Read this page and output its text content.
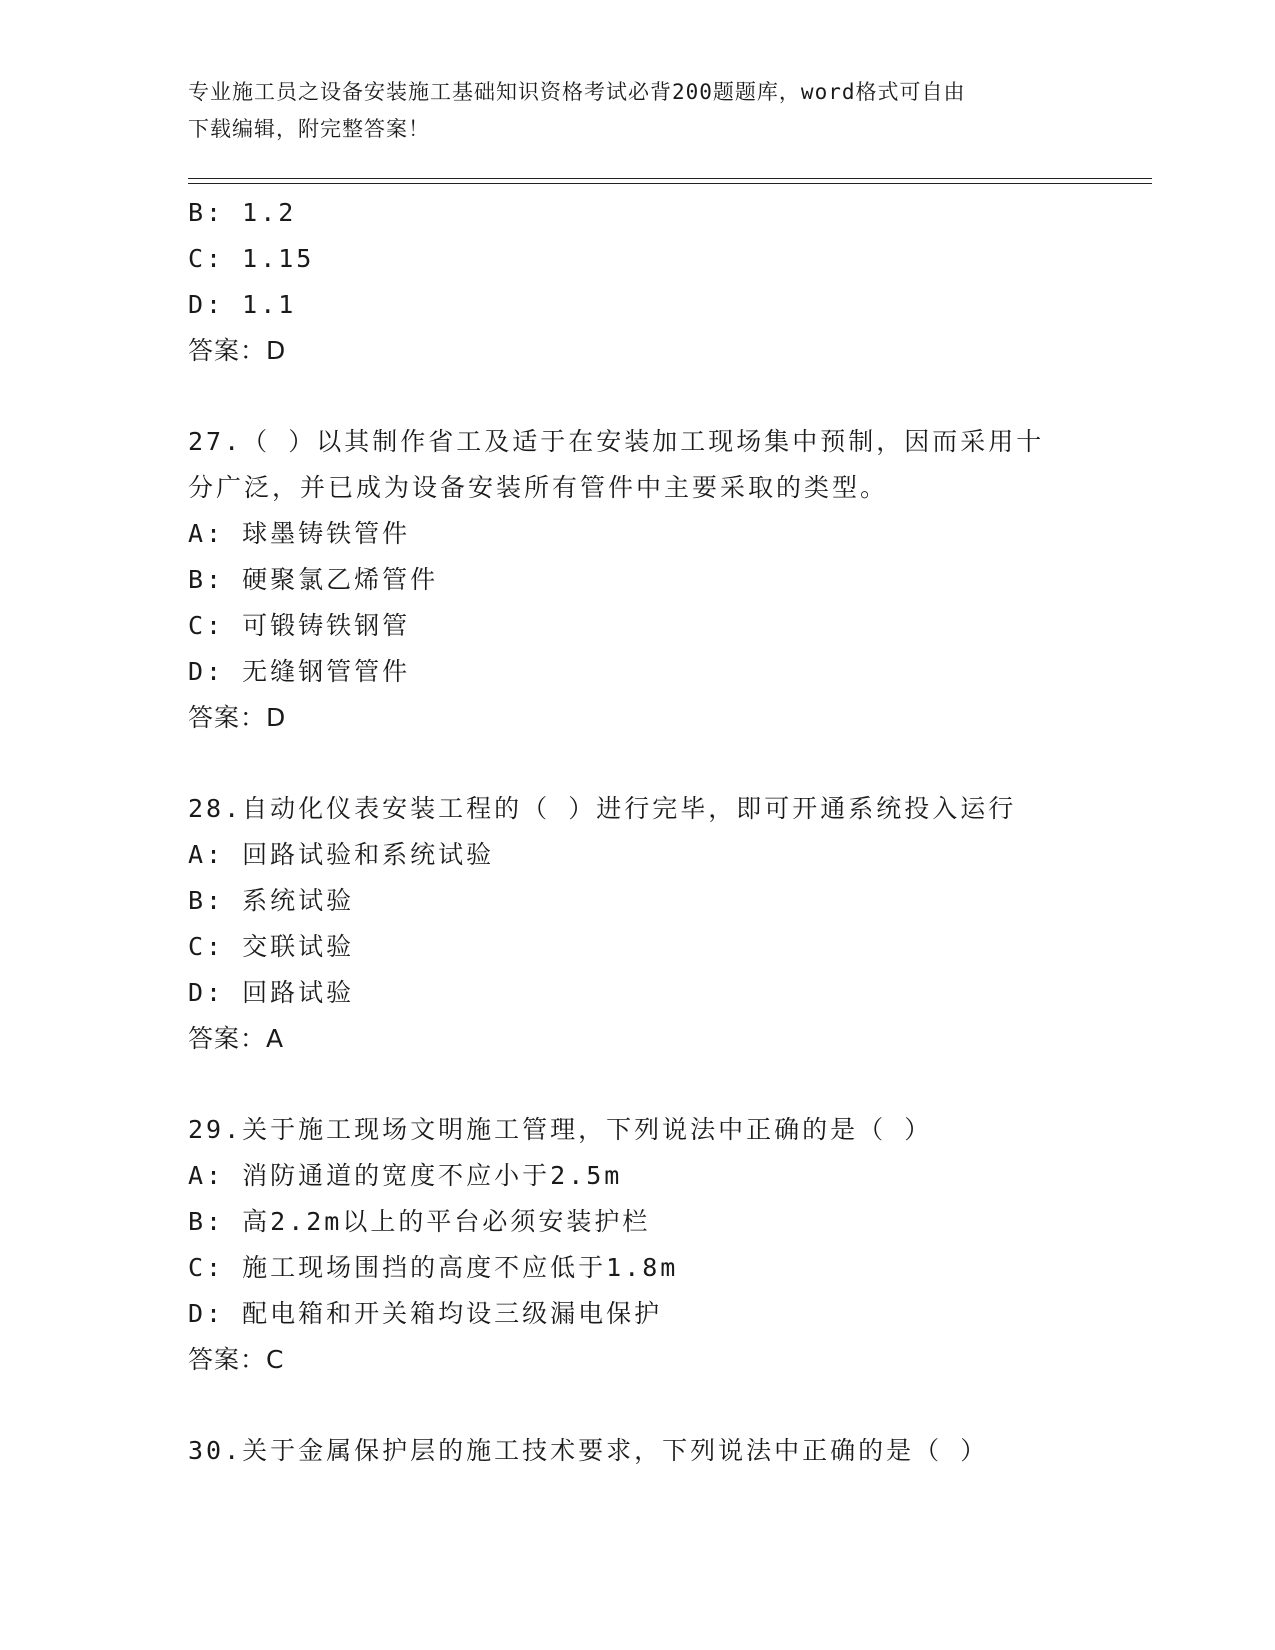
专业施工员之设备安装施工基础知识资格考试必背200题题库，word格式可自由
下载编辑，附完整答案！
B: 1.2
C: 1.15
D: 1.1
答案：D
27.（ ）以其制作省工及适于在安装加工现场集中预制，因而采用十
分广泛，并已成为设备安装所有管件中主要采取的类型。
A: 球墨铸铁管件
B: 硬聚氯乙烯管件
C: 可锻铸铁钢管
D: 无缝钢管管件
答案：D
28.自动化仪表安装工程的（ ）进行完毕，即可开通系统投入运行
A: 回路试验和系统试验
B: 系统试验
C: 交联试验
D: 回路试验
答案：A
29.关于施工现场文明施工管理，下列说法中正确的是（ ）
A: 消防通道的宽度不应小于2.5m
B: 高2.2m以上的平台必须安装护栏
C: 施工现场围挡的高度不应低于1.8m
D: 配电箱和开关箱均设三级漏电保护
答案：C
30.关于金属保护层的施工技术要求，下列说法中正确的是（ ）
